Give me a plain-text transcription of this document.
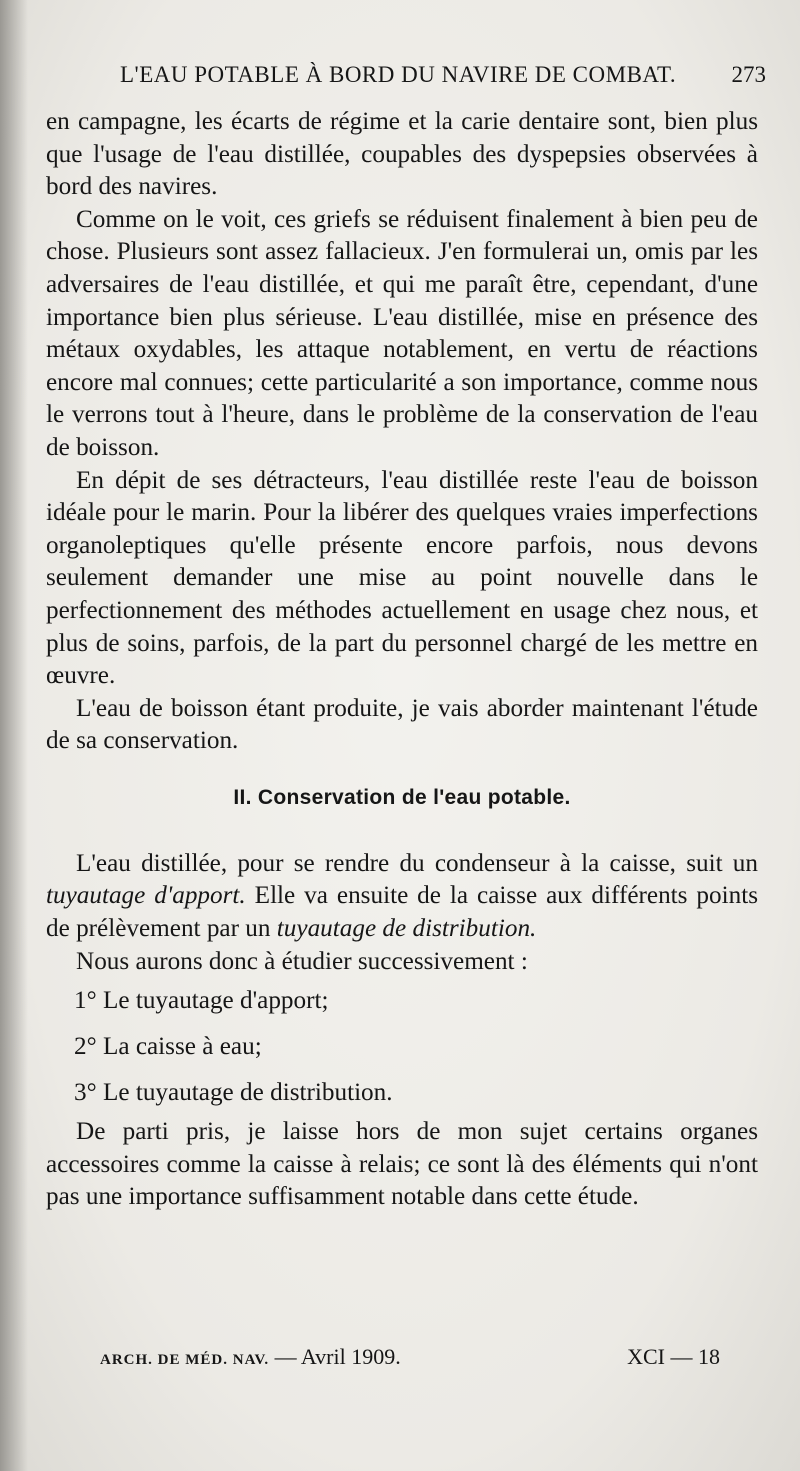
L'EAU POTABLE À BORD DU NAVIRE DE COMBAT. 273

en campagne, les écarts de régime et la carie dentaire sont, bien plus que l'usage de l'eau distillée, coupables des dyspepsies observées à bord des navires.

Comme on le voit, ces griefs se réduisent finalement à bien peu de chose. Plusieurs sont assez fallacieux. J'en formulerai un, omis par les adversaires de l'eau distillée, et qui me paraît être, cependant, d'une importance bien plus sérieuse. L'eau distillée, mise en présence des métaux oxydables, les attaque notablement, en vertu de réactions encore mal connues; cette particularité a son importance, comme nous le verrons tout à l'heure, dans le problème de la conservation de l'eau de boisson.

En dépit de ses détracteurs, l'eau distillée reste l'eau de boisson idéale pour le marin. Pour la libérer des quelques vraies imperfections organoleptiques qu'elle présente encore parfois, nous devons seulement demander une mise au point nouvelle dans le perfectionnement des méthodes actuellement en usage chez nous, et plus de soins, parfois, de la part du personnel chargé de les mettre en œuvre.

L'eau de boisson étant produite, je vais aborder maintenant l'étude de sa conservation.

II. Conservation de l'eau potable.

L'eau distillée, pour se rendre du condenseur à la caisse, suit un tuyautage d'apport. Elle va ensuite de la caisse aux différents points de prélèvement par un tuyautage de distribution.

Nous aurons donc à étudier successivement :

1° Le tuyautage d'apport;
2° La caisse à eau;
3° Le tuyautage de distribution.

De parti pris, je laisse hors de mon sujet certains organes accessoires comme la caisse à relais; ce sont là des éléments qui n'ont pas une importance suffisamment notable dans cette étude.

ARCH. DE MÉD. NAV. — Avril 1909.	XCI — 18
